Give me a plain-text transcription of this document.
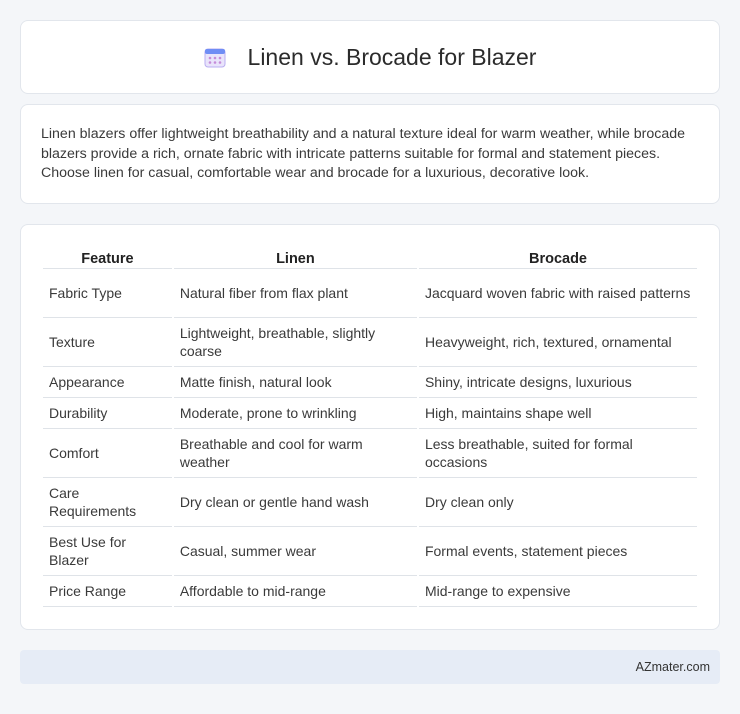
Linen vs. Brocade for Blazer

Linen blazers offer lightweight breathability and a natural texture ideal for warm weather, while brocade blazers provide a rich, ornate fabric with intricate patterns suitable for formal and statement pieces. Choose linen for casual, comfortable wear and brocade for a luxurious, decorative look.

Feature	Linen	Brocade
Fabric Type	Natural fiber from flax plant	Jacquard woven fabric with raised patterns
Texture	Lightweight, breathable, slightly coarse	Heavyweight, rich, textured, ornamental
Appearance	Matte finish, natural look	Shiny, intricate designs, luxurious
Durability	Moderate, prone to wrinkling	High, maintains shape well
Comfort	Breathable and cool for warm weather	Less breathable, suited for formal occasions
Care Requirements	Dry clean or gentle hand wash	Dry clean only
Best Use for Blazer	Casual, summer wear	Formal events, statement pieces
Price Range	Affordable to mid-range	Mid-range to expensive
AZmater.com
